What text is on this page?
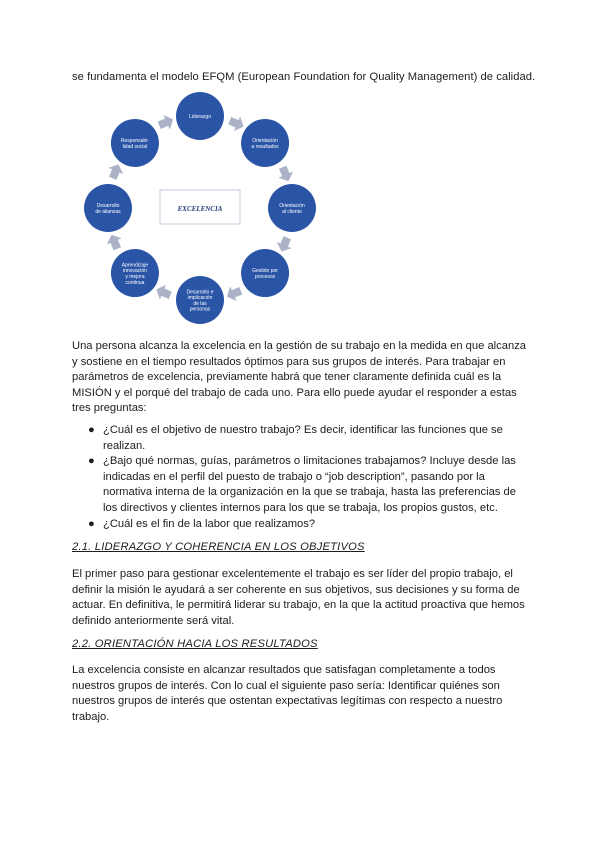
se fundamenta el modelo EFQM (European Foundation for Quality Management) de calidad.
EXCELENCIA
Liderazgo
Orientación
a resultados
Orientación
al cliente
Gestión por
procesos
Desarrollo e
implicación
de las
personas
Aprendizaje
innovación
y mejora
continua
Desarrollo
de alianzas
Responsabi-
lidad social

Una persona alcanza la excelencia en la gestión de su trabajo en la medida en que alcanza y sostiene en el tiempo resultados óptimos para sus grupos de interés. Para trabajar en parámetros de excelencia, previamente habrá que tener claramente definida cuál es la MISIÓN y el porqué del trabajo de cada uno. Para ello puede ayudar el responder a estas tres preguntas:

● ¿Cuál es el objetivo de nuestro trabajo? Es decir, identificar las funciones que se realizan.
● ¿Bajo qué normas, guías, parámetros o limitaciones trabajamos? Incluye desde las indicadas en el perfil del puesto de trabajo o “job description”, pasando por la normativa interna de la organización en la que se trabaja, hasta las preferencias de los directivos y clientes internos para los que se trabaja, los propios gustos, etc.
● ¿Cuál es el fin de la labor que realizamos?
2.1. LIDERAZGO Y COHERENCIA EN LOS OBJETIVOS

El primer paso para gestionar excelentemente el trabajo es ser líder del propio trabajo, el definir la misión le ayudará a ser coherente en sus objetivos, sus decisiones y su forma de actuar. En definitiva, le permitirá liderar su trabajo, en la que la actitud proactiva que hemos definido anteriormente será vital.

2.2. ORIENTACIÓN HACIA LOS RESULTADOS

La excelencia consiste en alcanzar resultados que satisfagan completamente a todos nuestros grupos de interés. Con lo cual el siguiente paso sería: Identificar quiénes son nuestros grupos de interés que ostentan expectativas legítimas con respecto a nuestro trabajo.
